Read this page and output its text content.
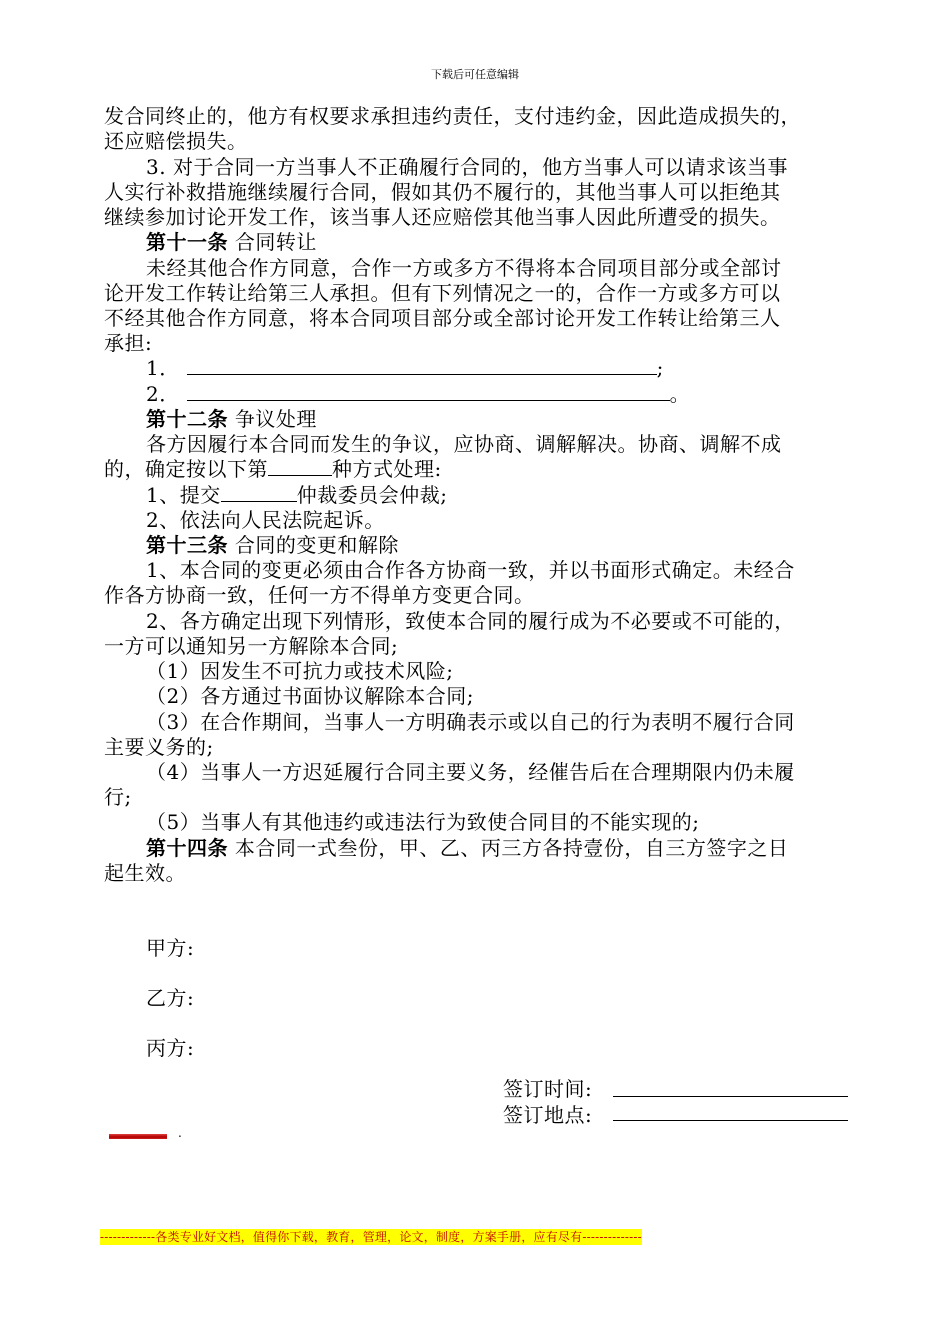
下载后可任意编辑
发合同终止的，他方有权要求承担违约责任，支付违约金，因此造成损失的，
还应赔偿损失。
3. 对于合同一方当事人不正确履行合同的，他方当事人可以请求该当事
人实行补救措施继续履行合同，假如其仍不履行的，其他当事人可以拒绝其
继续参加讨论开发工作，该当事人还应赔偿其他当事人因此所遭受的损失。
第十一条 合同转让
未经其他合作方同意，合作一方或多方不得将本合同项目部分或全部讨
论开发工作转让给第三人承担。但有下列情况之一的，合作一方或多方可以
不经其他合作方同意，将本合同项目部分或全部讨论开发工作转让给第三人
承担:
1．	;
2．	。
第十二条 争议处理
各方因履行本合同而发生的争议，应协商、调解解决。协商、调解不成
的，确定按以下第	种方式处理:
1、提交	仲裁委员会仲裁;
2、依法向人民法院起诉。
第十三条 合同的变更和解除
1、本合同的变更必须由合作各方协商一致，并以书面形式确定。未经合
作各方协商一致，任何一方不得单方变更合同。
2、各方确定出现下列情形，致使本合同的履行成为不必要或不可能的，
一方可以通知另一方解除本合同;
（1）因发生不可抗力或技术风险;
（2）各方通过书面协议解除本合同;
（3）在合作期间，当事人一方明确表示或以自己的行为表明不履行合同
主要义务的;
（4）当事人一方迟延履行合同主要义务，经催告后在合理期限内仍未履
行;
（5）当事人有其他违约或违法行为致使合同目的不能实现的;
第十四条 本合同一式叁份，甲、乙、丙三方各持壹份，自三方签字之日
起生效。
甲方:
乙方:
丙方:
签订时间:
签订地点:
.
-------------各类专业好文档，值得你下载，教育，管理，论文，制度，方案手册，应有尽有--------------
